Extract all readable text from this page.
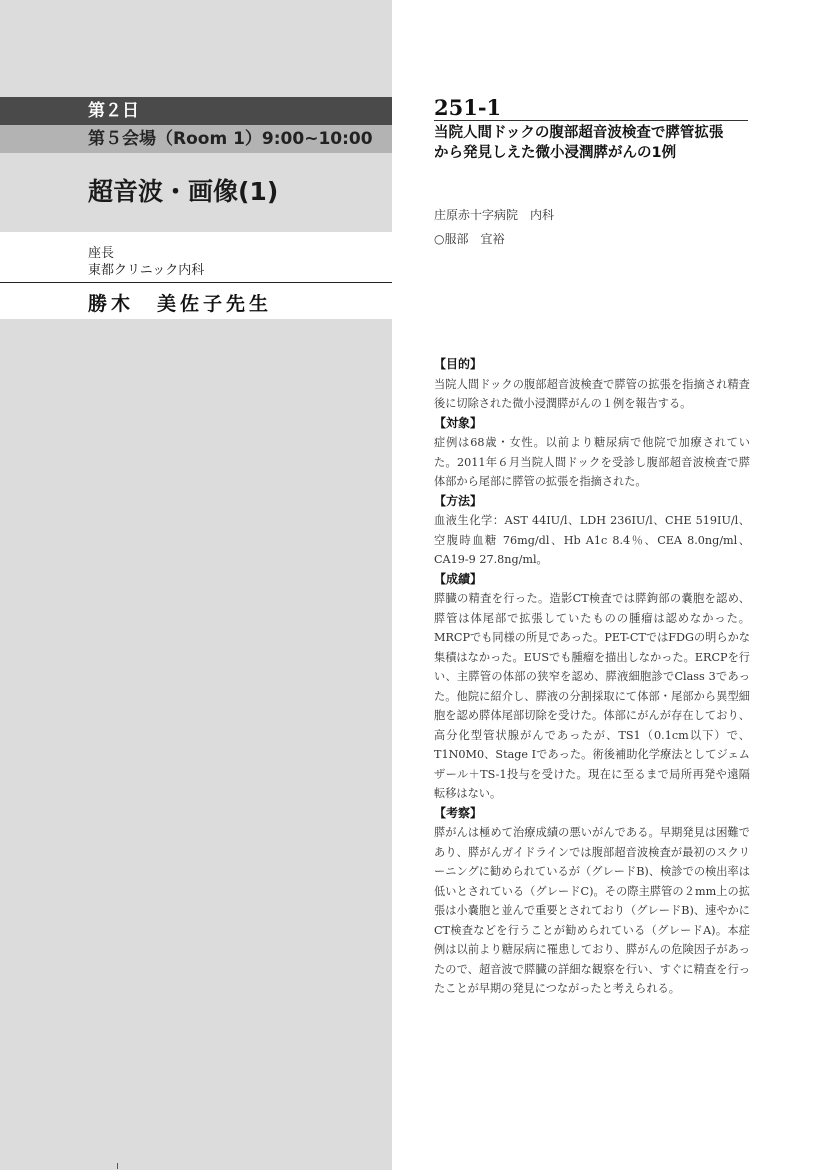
第２日
第５会場（Room 1）9:00~10:00
超音波・画像(1)
座長
東都クリニック内科
勝木　美佐子先生
251-1
当院人間ドックの腹部超音波検査で膵管拡張
から発見しえた微小浸潤膵がんの1例
庄原赤十字病院　内科
○服部　宜裕
【目的】
当院人間ドックの腹部超音波検査で膵管の拡張を指摘され精査後に切除された微小浸潤膵がんの１例を報告する。
【対象】
症例は68歳・女性。以前より糖尿病で他院で加療されていた。2011年６月当院人間ドックを受診し腹部超音波検査で膵体部から尾部に膵管の拡張を指摘された。
【方法】
血液生化学：AST 44IU/l、LDH 236IU/l、CHE 519IU/l、空腹時血糖 76mg/dl、Hb A1c 8.4％、CEA 8.0ng/ml、CA19-9 27.8ng/ml。
【成績】
膵臓の精査を行った。造影CT検査では膵鉤部の嚢胞を認め、膵管は体尾部で拡張していたものの腫瘤は認めなかった。MRCPでも同様の所見であった。PET-CTではFDGの明らかな集積はなかった。EUSでも腫瘤を描出しなかった。ERCPを行い、主膵管の体部の狭窄を認め、膵液細胞診でClass 3であった。他院に紹介し、膵液の分割採取にて体部・尾部から異型細胞を認め膵体尾部切除を受けた。体部にがんが存在しており、高分化型管状腺がんであったが、TS1（0.1cm以下）で、T1N0M0、Stage Ⅰであった。術後補助化学療法としてジェムザール＋TS-1投与を受けた。現在に至るまで局所再発や遠隔転移はない。
【考察】
膵がんは極めて治療成績の悪いがんである。早期発見は困難であり、膵がんガイドラインでは腹部超音波検査が最初のスクリーニングに勧められているが（グレードB)、検診での検出率は低いとされている（グレードC)。その際主膵管の２mm上の拡張は小嚢胞と並んで重要とされており（グレードB)、速やかにCT検査などを行うことが勧められている（グレードA)。本症例は以前より糖尿病に罹患しており、膵がんの危険因子があったので、超音波で膵臓の詳細な観察を行い、すぐに精査を行ったことが早期の発見につながったと考えられる。
